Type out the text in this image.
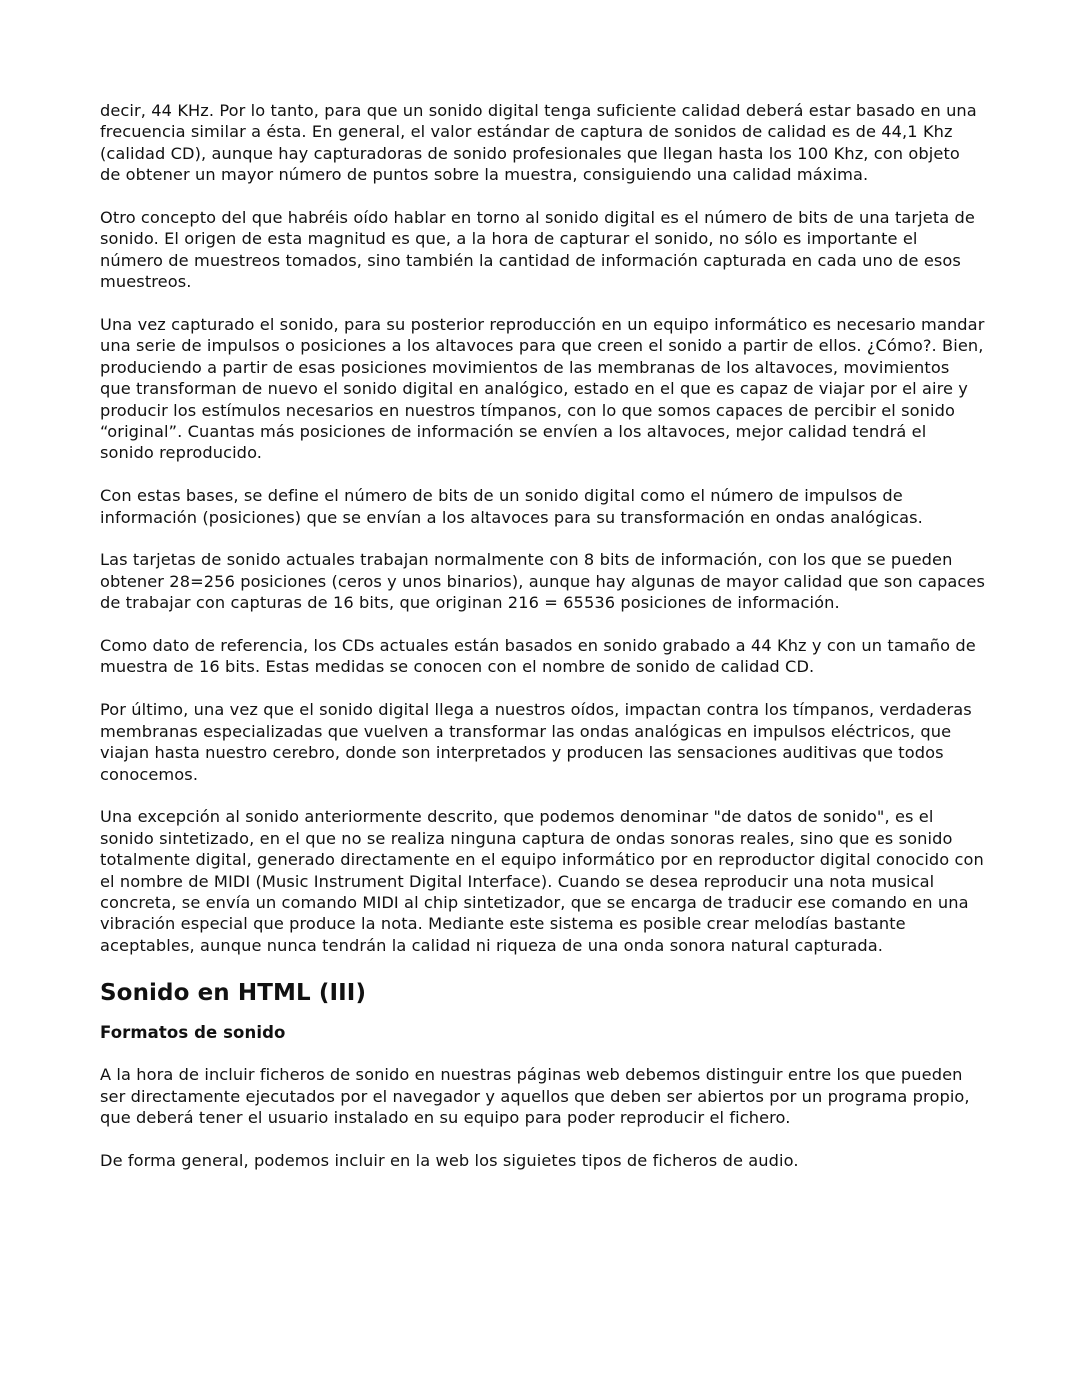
decir, 44 KHz. Por lo tanto, para que un sonido digital tenga suficiente calidad deberá estar basado en una frecuencia similar a ésta. En general, el valor estándar de captura de sonidos de calidad es de 44,1 Khz (calidad CD), aunque hay capturadoras de sonido profesionales que llegan hasta los 100 Khz, con objeto de obtener un mayor número de puntos sobre la muestra, consiguiendo una calidad máxima.

Otro concepto del que habréis oído hablar en torno al sonido digital es el número de bits de una tarjeta de sonido. El origen de esta magnitud es que, a la hora de capturar el sonido, no sólo es importante el número de muestreos tomados, sino también la cantidad de información capturada en cada uno de esos muestreos.

Una vez capturado el sonido, para su posterior reproducción en un equipo informático es necesario mandar una serie de impulsos o posiciones a los altavoces para que creen el sonido a partir de ellos. ¿Cómo?. Bien, produciendo a partir de esas posiciones movimientos de las membranas de los altavoces, movimientos que transforman de nuevo el sonido digital en analógico, estado en el que es capaz de viajar por el aire y producir los estímulos necesarios en nuestros tímpanos, con lo que somos capaces de percibir el sonido “original”. Cuantas más posiciones de información se envíen a los altavoces, mejor calidad tendrá el sonido reproducido.

Con estas bases, se define el número de bits de un sonido digital como el número de impulsos de información (posiciones) que se envían a los altavoces para su transformación en ondas analógicas.

Las tarjetas de sonido actuales trabajan normalmente con 8 bits de información, con los que se pueden obtener 28=256 posiciones (ceros y unos binarios), aunque hay algunas de mayor calidad que son capaces de trabajar con capturas de 16 bits, que originan 216 = 65536 posiciones de información.

Como dato de referencia, los CDs actuales están basados en sonido grabado a 44 Khz y con un tamaño de muestra de 16 bits. Estas medidas se conocen con el nombre de sonido de calidad CD.

Por último, una vez que el sonido digital llega a nuestros oídos, impactan contra los tímpanos, verdaderas membranas especializadas que vuelven a transformar las ondas analógicas en impulsos eléctricos, que viajan hasta nuestro cerebro, donde son interpretados y producen las sensaciones auditivas que todos conocemos.

Una excepción al sonido anteriormente descrito, que podemos denominar "de datos de sonido", es el sonido sintetizado, en el que no se realiza ninguna captura de ondas sonoras reales, sino que es sonido totalmente digital, generado directamente en el equipo informático por en reproductor digital conocido con el nombre de MIDI (Music Instrument Digital Interface). Cuando se desea reproducir una nota musical concreta, se envía un comando MIDI al chip sintetizador, que se encarga de traducir ese comando en una vibración especial que produce la nota. Mediante este sistema es posible crear melodías bastante aceptables, aunque nunca tendrán la calidad ni riqueza de una onda sonora natural capturada.

Sonido en HTML (III)
Formatos de sonido

A la hora de incluir ficheros de sonido en nuestras páginas web debemos distinguir entre los que pueden ser directamente ejecutados por el navegador y aquellos que deben ser abiertos por un programa propio, que deberá tener el usuario instalado en su equipo para poder reproducir el fichero.

De forma general, podemos incluir en la web los siguietes tipos de ficheros de audio.
